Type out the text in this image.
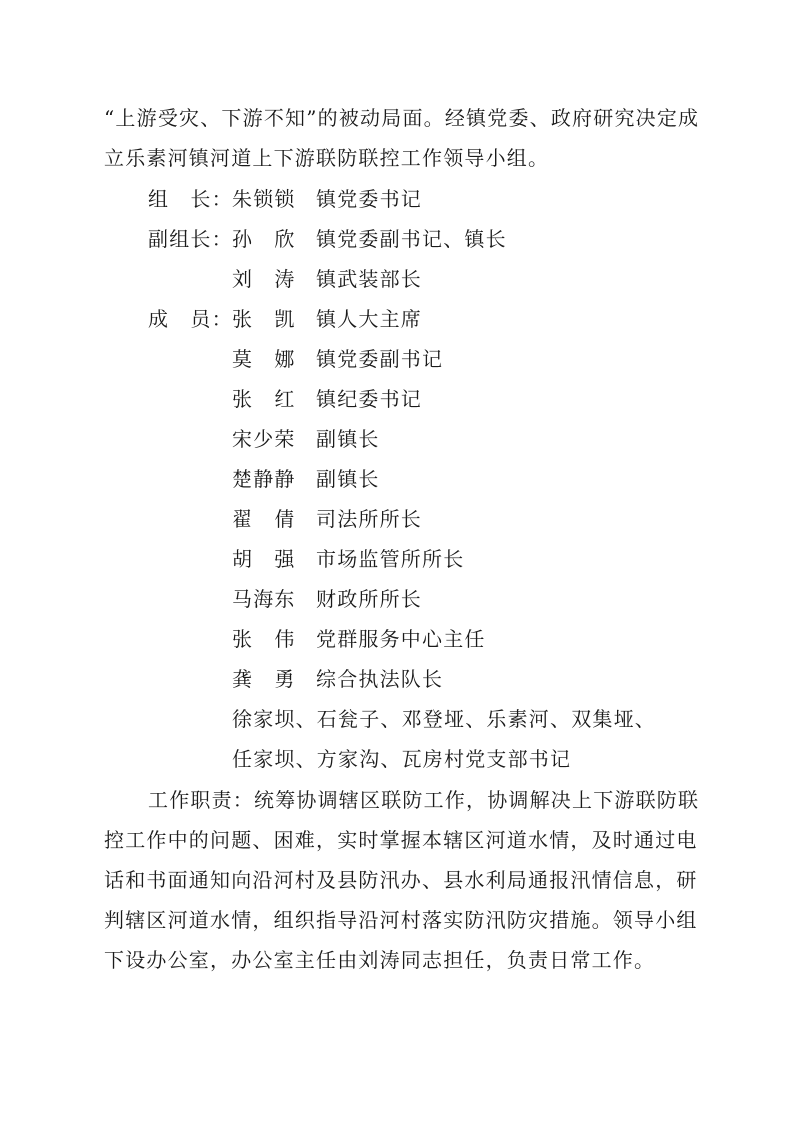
“上游受灾、下游不知”的被动局面。经镇党委、政府研究决定成立乐素河镇河道上下游联防联控工作领导小组。

组　长： 朱锁锁	镇党委书记
副组长： 孙　欣	镇党委副书记、镇长
刘　涛	镇武装部长
成　员： 张　凯	镇人大主席
莫　娜	镇党委副书记
张　红	镇纪委书记
宋少荣	副镇长
楚静静	副镇长
翟　倩	司法所所长
胡　强	市场监管所所长
马海东	财政所所长
张　伟	党群服务中心主任
龚　勇	综合执法队长
徐家坝、石瓮子、邓登垭、乐素河、双集垭、
任家坝、方家沟、瓦房村党支部书记

工作职责：统筹协调辖区联防工作，协调解决上下游联防联控工作中的问题、困难，实时掌握本辖区河道水情，及时通过电话和书面通知向沿河村及县防汛办、县水利局通报汛情信息，研判辖区河道水情，组织指导沿河村落实防汛防灾措施。领导小组下设办公室，办公室主任由刘涛同志担任，负责日常工作。
